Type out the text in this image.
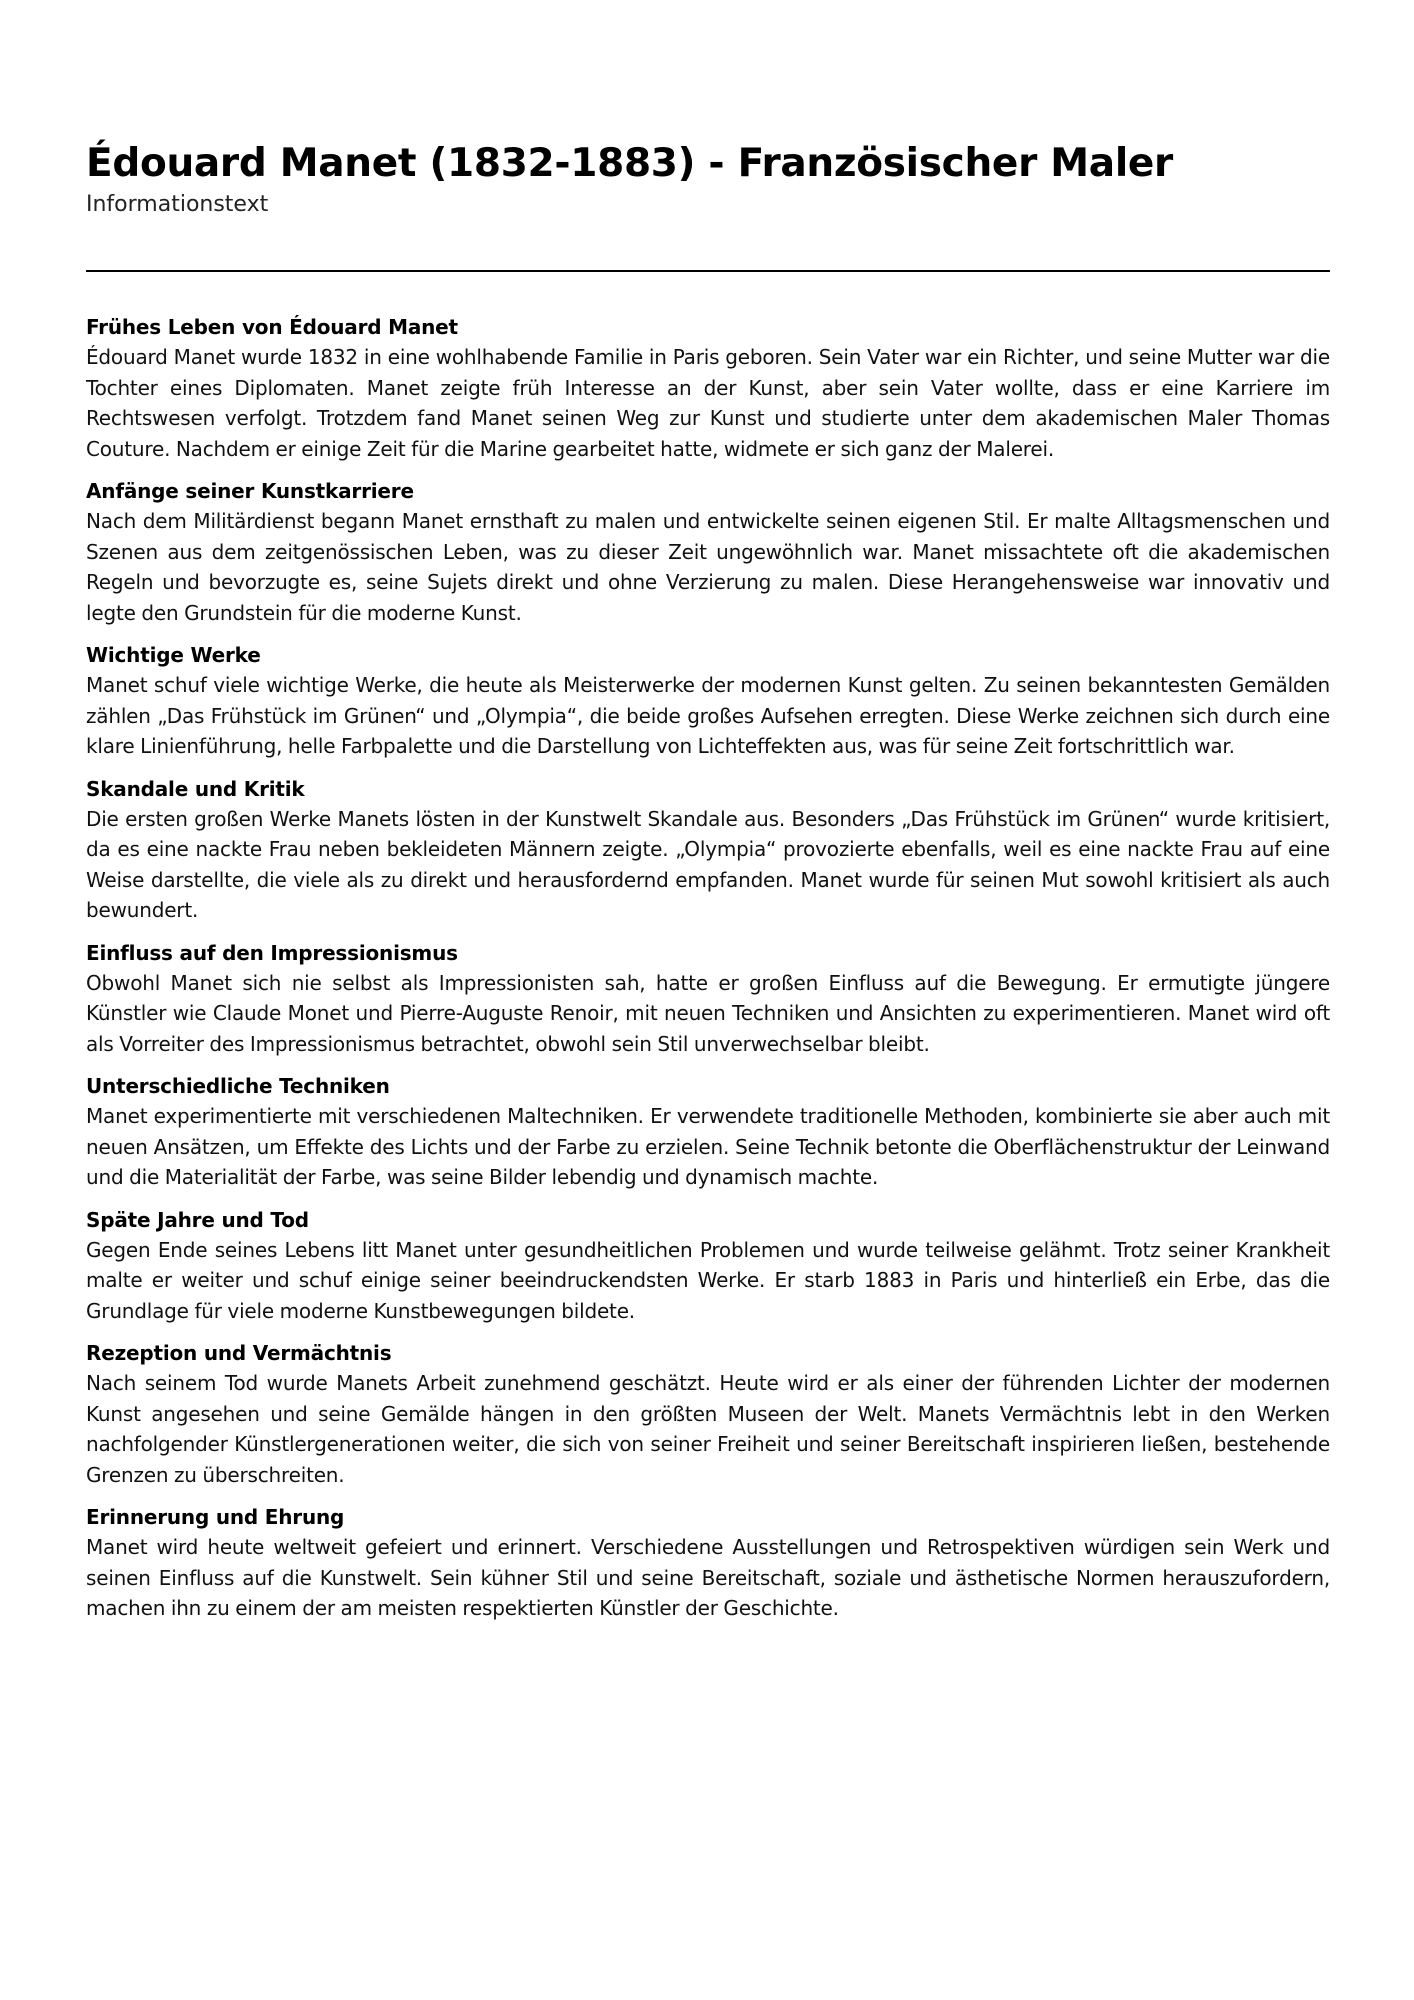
Édouard Manet (1832-1883) - Französischer Maler

Informationstext

Frühes Leben von Édouard Manet

Édouard Manet wurde 1832 in eine wohlhabende Familie in Paris geboren. Sein Vater war ein Richter, und seine Mutter war die Tochter eines Diplomaten. Manet zeigte früh Interesse an der Kunst, aber sein Vater wollte, dass er eine Karriere im Rechtswesen verfolgt. Trotzdem fand Manet seinen Weg zur Kunst und studierte unter dem akademischen Maler Thomas Couture. Nachdem er einige Zeit für die Marine gearbeitet hatte, widmete er sich ganz der Malerei.

Anfänge seiner Kunstkarriere

Nach dem Militärdienst begann Manet ernsthaft zu malen und entwickelte seinen eigenen Stil. Er malte Alltagsmenschen und Szenen aus dem zeitgenössischen Leben, was zu dieser Zeit ungewöhnlich war. Manet missachtete oft die akademischen Regeln und bevorzugte es, seine Sujets direkt und ohne Verzierung zu malen. Diese Herangehensweise war innovativ und legte den Grundstein für die moderne Kunst.

Wichtige Werke

Manet schuf viele wichtige Werke, die heute als Meisterwerke der modernen Kunst gelten. Zu seinen bekanntesten Gemälden zählen „Das Frühstück im Grünen“ und „Olympia“, die beide großes Aufsehen erregten. Diese Werke zeichnen sich durch eine klare Linienführung, helle Farbpalette und die Darstellung von Lichteffekten aus, was für seine Zeit fortschrittlich war.

Skandale und Kritik

Die ersten großen Werke Manets lösten in der Kunstwelt Skandale aus. Besonders „Das Frühstück im Grünen“ wurde kritisiert, da es eine nackte Frau neben bekleideten Männern zeigte. „Olympia“ provozierte ebenfalls, weil es eine nackte Frau auf eine Weise darstellte, die viele als zu direkt und herausfordernd empfanden. Manet wurde für seinen Mut sowohl kritisiert als auch bewundert.

Einfluss auf den Impressionismus

Obwohl Manet sich nie selbst als Impressionisten sah, hatte er großen Einfluss auf die Bewegung. Er ermutigte jüngere Künstler wie Claude Monet und Pierre-Auguste Renoir, mit neuen Techniken und Ansichten zu experimentieren. Manet wird oft als Vorreiter des Impressionismus betrachtet, obwohl sein Stil unverwechselbar bleibt.

Unterschiedliche Techniken

Manet experimentierte mit verschiedenen Maltechniken. Er verwendete traditionelle Methoden, kombinierte sie aber auch mit neuen Ansätzen, um Effekte des Lichts und der Farbe zu erzielen. Seine Technik betonte die Oberflächenstruktur der Leinwand und die Materialität der Farbe, was seine Bilder lebendig und dynamisch machte.

Späte Jahre und Tod

Gegen Ende seines Lebens litt Manet unter gesundheitlichen Problemen und wurde teilweise gelähmt. Trotz seiner Krankheit malte er weiter und schuf einige seiner beeindruckendsten Werke. Er starb 1883 in Paris und hinterließ ein Erbe, das die Grundlage für viele moderne Kunstbewegungen bildete.

Rezeption und Vermächtnis

Nach seinem Tod wurde Manets Arbeit zunehmend geschätzt. Heute wird er als einer der führenden Lichter der modernen Kunst angesehen und seine Gemälde hängen in den größten Museen der Welt. Manets Vermächtnis lebt in den Werken nachfolgender Künstlergenerationen weiter, die sich von seiner Freiheit und seiner Bereitschaft inspirieren ließen, bestehende Grenzen zu überschreiten.

Erinnerung und Ehrung

Manet wird heute weltweit gefeiert und erinnert. Verschiedene Ausstellungen und Retrospektiven würdigen sein Werk und seinen Einfluss auf die Kunstwelt. Sein kühner Stil und seine Bereitschaft, soziale und ästhetische Normen herauszufordern, machen ihn zu einem der am meisten respektierten Künstler der Geschichte.
